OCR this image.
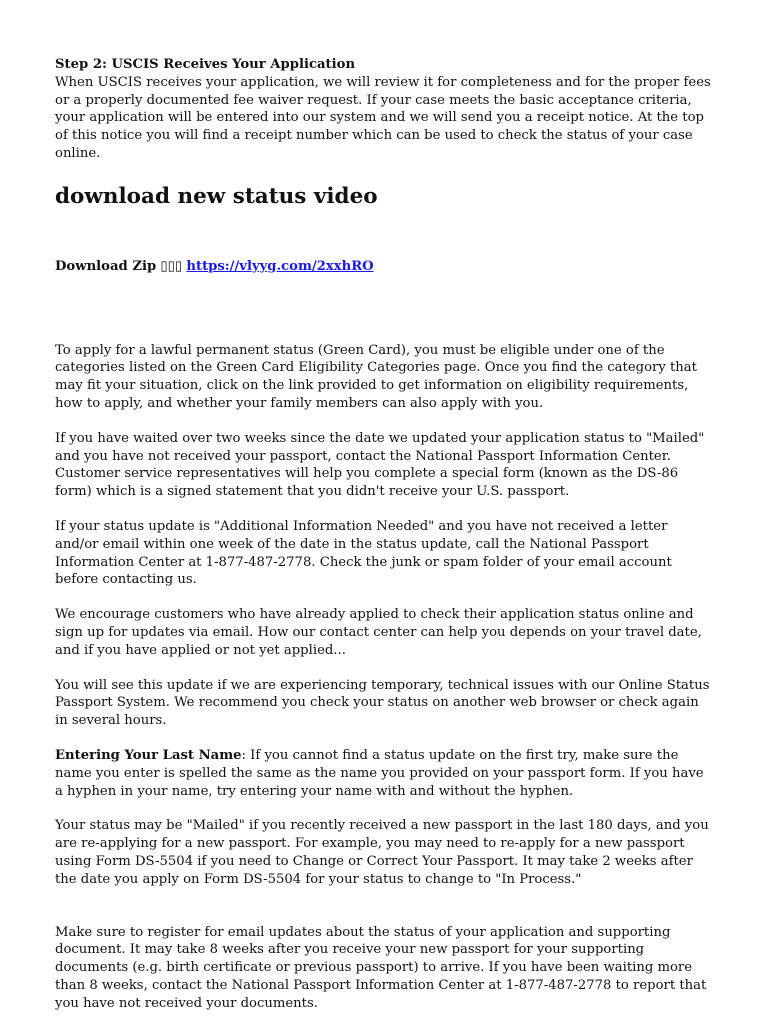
Step 2: USCIS Receives Your Application

When USCIS receives your application, we will review it for completeness and for the proper fees or a properly documented fee waiver request. If your case meets the basic acceptance criteria, your application will be entered into our system and we will send you a receipt notice. At the top of this notice you will find a receipt number which can be used to check the status of your case online.

download new status video

Download Zip ▯▯▯ https://vlyyg.com/2xxhRO

To apply for a lawful permanent status (Green Card), you must be eligible under one of the categories listed on the Green Card Eligibility Categories page. Once you find the category that may fit your situation, click on the link provided to get information on eligibility requirements, how to apply, and whether your family members can also apply with you.

If you have waited over two weeks since the date we updated your application status to "Mailed" and you have not received your passport, contact the National Passport Information Center. Customer service representatives will help you complete a special form (known as the DS-86 form) which is a signed statement that you didn't receive your U.S. passport.

If your status update is "Additional Information Needed" and you have not received a letter and/or email within one week of the date in the status update, call the National Passport Information Center at 1-877-487-2778. Check the junk or spam folder of your email account before contacting us.

We encourage customers who have already applied to check their application status online and sign up for updates via email. How our contact center can help you depends on your travel date, and if you have applied or not yet applied...

You will see this update if we are experiencing temporary, technical issues with our Online Status Passport System. We recommend you check your status on another web browser or check again in several hours.

Entering Your Last Name: If you cannot find a status update on the first try, make sure the name you enter is spelled the same as the name you provided on your passport form. If you have a hyphen in your name, try entering your name with and without the hyphen.

Your status may be "Mailed" if you recently received a new passport in the last 180 days, and you are re-applying for a new passport. For example, you may need to re-apply for a new passport using Form DS-5504 if you need to Change or Correct Your Passport. It may take 2 weeks after the date you apply on Form DS-5504 for your status to change to "In Process."

Make sure to register for email updates about the status of your application and supporting document. It may take 8 weeks after you receive your new passport for your supporting documents (e.g. birth certificate or previous passport) to arrive. If you have been waiting more than 8 weeks, contact the National Passport Information Center at 1-877-487-2778 to report that you have not received your documents.
